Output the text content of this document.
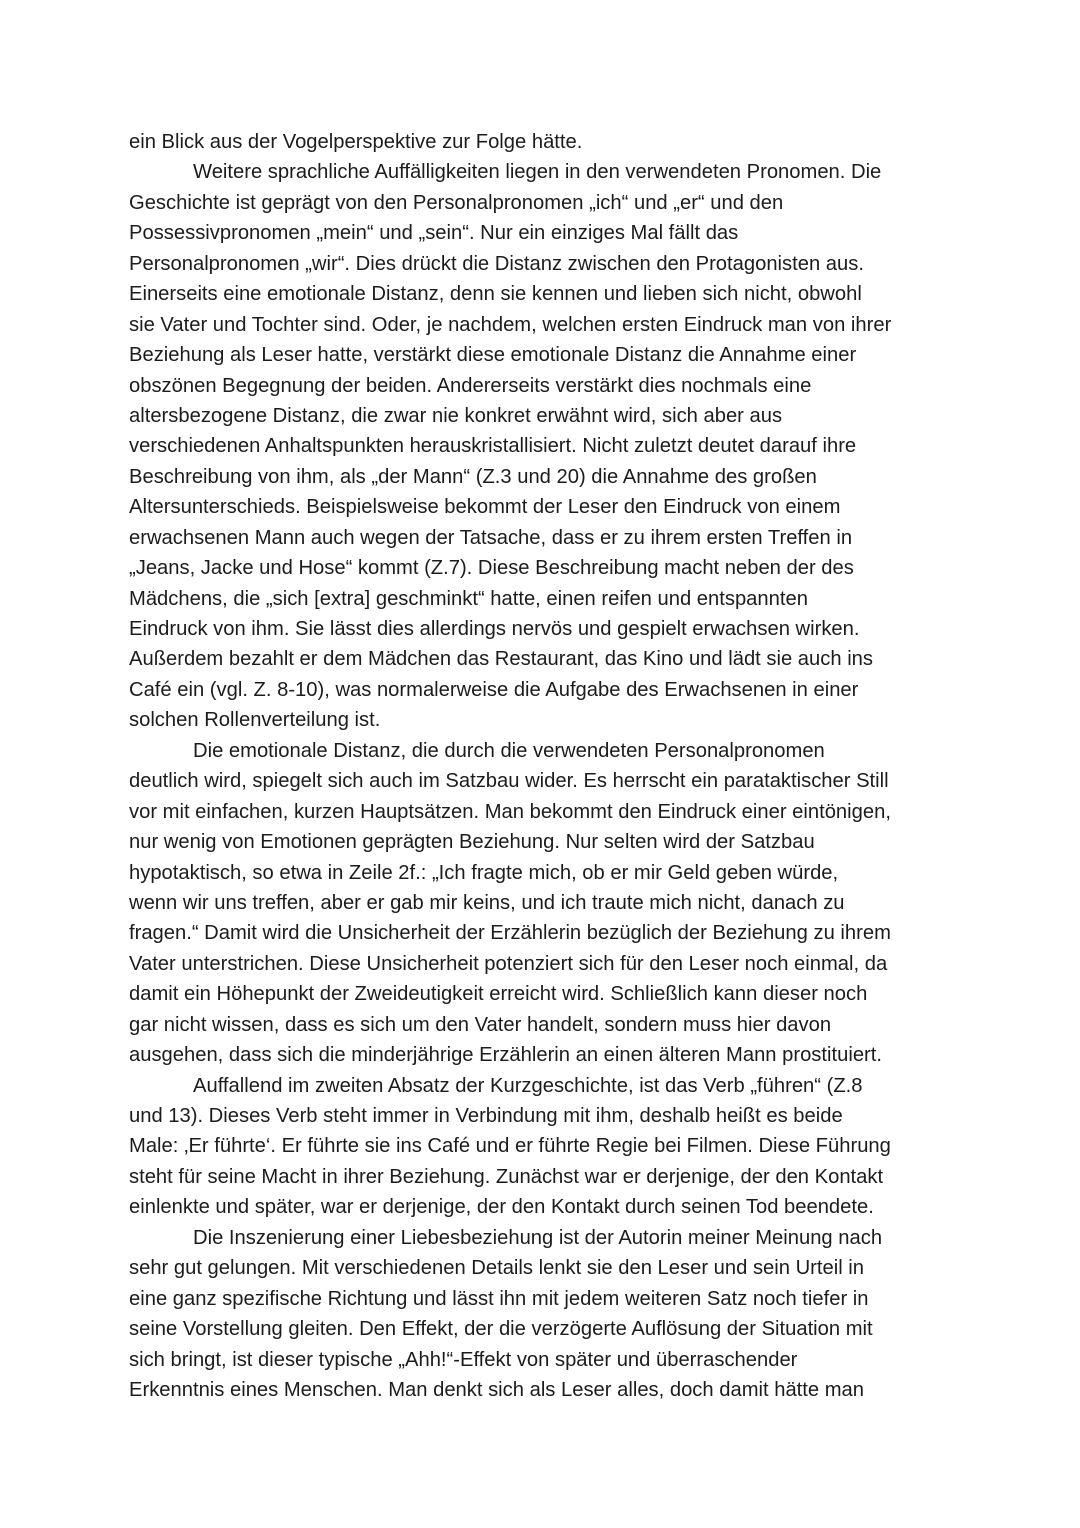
ein Blick aus der Vogelperspektive zur Folge hätte.
Weitere sprachliche Auffälligkeiten liegen in den verwendeten Pronomen. Die
Geschichte ist geprägt von den Personalpronomen „ich“ und „er“ und den
Possessivpronomen „mein“ und „sein“. Nur ein einziges Mal fällt das
Personalpronomen „wir“. Dies drückt die Distanz zwischen den Protagonisten aus.
Einerseits eine emotionale Distanz, denn sie kennen und lieben sich nicht, obwohl
sie Vater und Tochter sind. Oder, je nachdem, welchen ersten Eindruck man von ihrer
Beziehung als Leser hatte, verstärkt diese emotionale Distanz die Annahme einer
obszönen Begegnung der beiden. Andererseits verstärkt dies nochmals eine
altersbezogene Distanz, die zwar nie konkret erwähnt wird, sich aber aus
verschiedenen Anhaltspunkten herauskristallisiert. Nicht zuletzt deutet darauf ihre
Beschreibung von ihm, als „der Mann“ (Z.3 und 20) die Annahme des großen
Altersunterschieds. Beispielsweise bekommt der Leser den Eindruck von einem
erwachsenen Mann auch wegen der Tatsache, dass er zu ihrem ersten Treffen in
„Jeans, Jacke und Hose“ kommt (Z.7). Diese Beschreibung macht neben der des
Mädchens, die „sich [extra] geschminkt“ hatte, einen reifen und entspannten
Eindruck von ihm. Sie lässt dies allerdings nervös und gespielt erwachsen wirken.
Außerdem bezahlt er dem Mädchen das Restaurant, das Kino und lädt sie auch ins
Café ein (vgl. Z. 8-10), was normalerweise die Aufgabe des Erwachsenen in einer
solchen Rollenverteilung ist.
Die emotionale Distanz, die durch die verwendeten Personalpronomen
deutlich wird, spiegelt sich auch im Satzbau wider. Es herrscht ein parataktischer Still
vor mit einfachen, kurzen Hauptsätzen. Man bekommt den Eindruck einer eintönigen,
nur wenig von Emotionen geprägten Beziehung. Nur selten wird der Satzbau
hypotaktisch, so etwa in Zeile 2f.: „Ich fragte mich, ob er mir Geld geben würde,
wenn wir uns treffen, aber er gab mir keins, und ich traute mich nicht, danach zu
fragen.“ Damit wird die Unsicherheit der Erzählerin bezüglich der Beziehung zu ihrem
Vater unterstrichen. Diese Unsicherheit potenziert sich für den Leser noch einmal, da
damit ein Höhepunkt der Zweideutigkeit erreicht wird. Schließlich kann dieser noch
gar nicht wissen, dass es sich um den Vater handelt, sondern muss hier davon
ausgehen, dass sich die minderjährige Erzählerin an einen älteren Mann prostituiert.
Auffallend im zweiten Absatz der Kurzgeschichte, ist das Verb „führen“ (Z.8
und 13). Dieses Verb steht immer in Verbindung mit ihm, deshalb heißt es beide
Male: ‚Er führte‘. Er führte sie ins Café und er führte Regie bei Filmen. Diese Führung
steht für seine Macht in ihrer Beziehung. Zunächst war er derjenige, der den Kontakt
einlenkte und später, war er derjenige, der den Kontakt durch seinen Tod beendete.
Die Inszenierung einer Liebesbeziehung ist der Autorin meiner Meinung nach
sehr gut gelungen. Mit verschiedenen Details lenkt sie den Leser und sein Urteil in
eine ganz spezifische Richtung und lässt ihn mit jedem weiteren Satz noch tiefer in
seine Vorstellung gleiten. Den Effekt, der die verzögerte Auflösung der Situation mit
sich bringt, ist dieser typische „Ahh!“-Effekt von später und überraschender
Erkenntnis eines Menschen. Man denkt sich als Leser alles, doch damit hätte man
